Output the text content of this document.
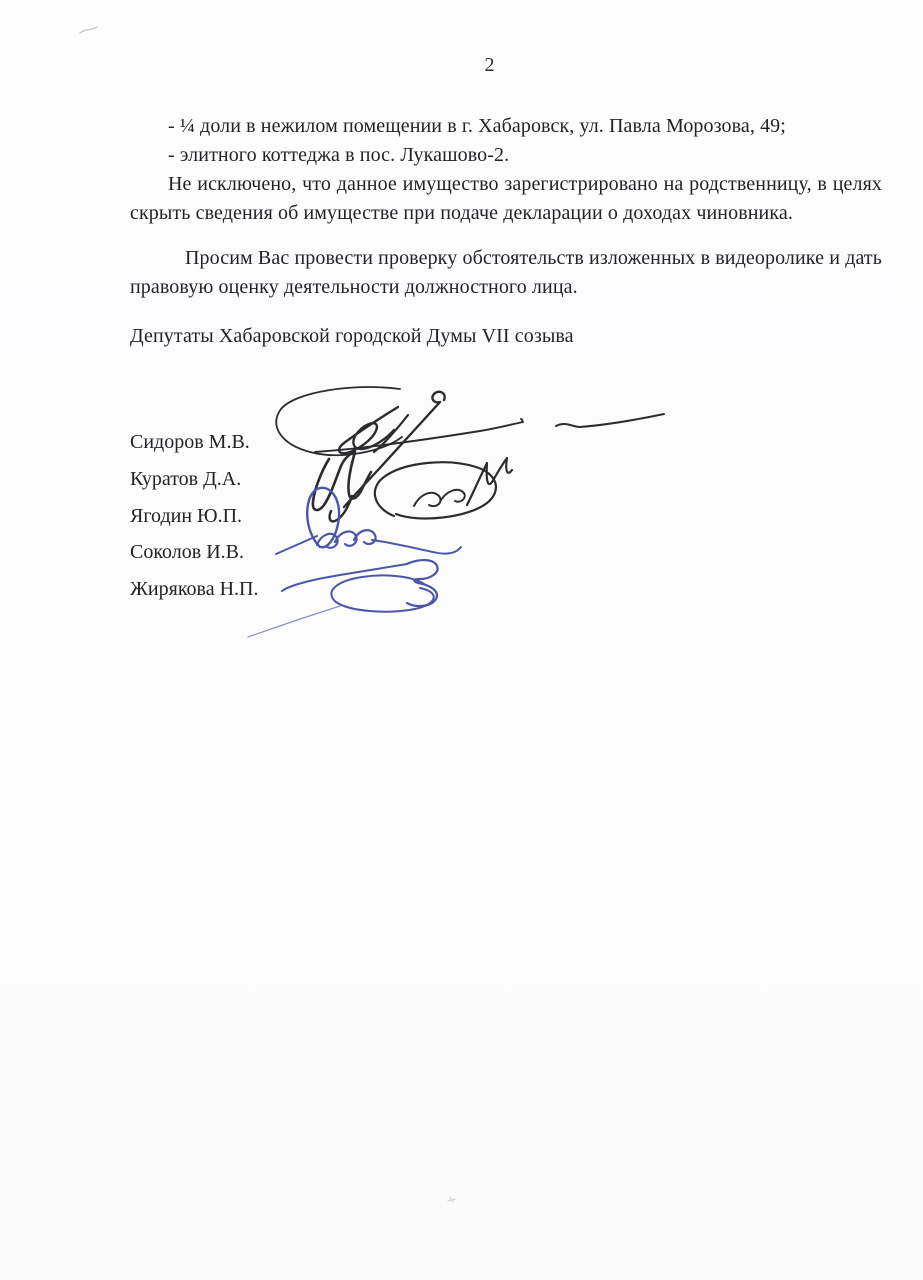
2

- ¼ доли в нежилом помещении в г. Хабаровск, ул. Павла Морозова, 49;

- элитного коттеджа в пос. Лукашово-2.

Не исключено, что данное имущество зарегистрировано на родственницу, в целях скрыть сведения об имуществе при подаче декларации о доходах чиновника.

Просим Вас провести проверку обстоятельств изложенных в видеоролике и дать правовую оценку деятельности должностного лица.

Депутаты Хабаровской городской Думы VII созыва

Сидоров М.В.
Куратов Д.А.
Ягодин Ю.П.
Соколов И.В.
Жирякова Н.П.
